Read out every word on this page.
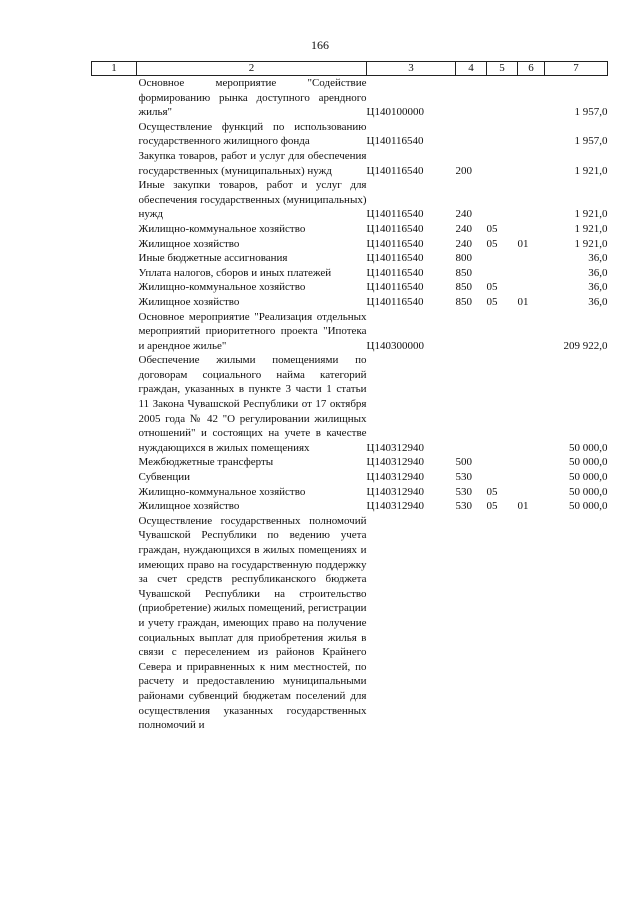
166
1	2	3	4	5	6	7

	Основное мероприятие "Содействие формированию рынка доступного арендного жилья"	Ц140100000				1 957,0

	Осуществление функций по использованию государственного жилищного фонда	Ц140116540				1 957,0

	Закупка товаров, работ и услуг для обеспечения государственных (муниципальных) нужд	Ц140116540	200			1 921,0

	Иные закупки товаров, работ и услуг для обеспечения государственных (муниципальных) нужд	Ц140116540	240			1 921,0

	Жилищно-коммунальное хозяйство	Ц140116540	240	05		1 921,0

	Жилищное хозяйство	Ц140116540	240	05	01	1 921,0

	Иные бюджетные ассигнования	Ц140116540	800			36,0

	Уплата налогов, сборов и иных платежей	Ц140116540	850			36,0

	Жилищно-коммунальное хозяйство	Ц140116540	850	05		36,0

	Жилищное хозяйство	Ц140116540	850	05	01	36,0

	Основное мероприятие "Реализация отдельных мероприятий приоритетного проекта "Ипотека и арендное жилье"	Ц140300000				209 922,0

	Обеспечение жилыми помещениями по договорам социального найма категорий граждан, указанных в пункте 3 части 1 статьи 11 Закона Чувашской Республики от 17 октября 2005 года № 42 "О регулировании жилищных отношений" и состоящих на учете в качестве нуждающихся в жилых помещениях	Ц140312940				50 000,0

	Межбюджетные трансферты	Ц140312940	500			50 000,0

	Субвенции	Ц140312940	530			50 000,0

	Жилищно-коммунальное хозяйство	Ц140312940	530	05		50 000,0

	Жилищное хозяйство	Ц140312940	530	05	01	50 000,0

	Осуществление государственных полномочий Чувашской Республики по ведению учета граждан, нуждающихся в жилых помещениях и имеющих право на государственную поддержку за счет средств республиканского бюджета Чувашской Республики на строительство (приобретение) жилых помещений, регистрации и учету граждан, имеющих право на получение социальных выплат для приобретения жилья в связи с переселением из районов Крайнего Севера и приравненных к ним местностей, по расчету и предоставлению муниципальными районами субвенций бюджетам поселений для осуществления указанных государственных полномочий и					
